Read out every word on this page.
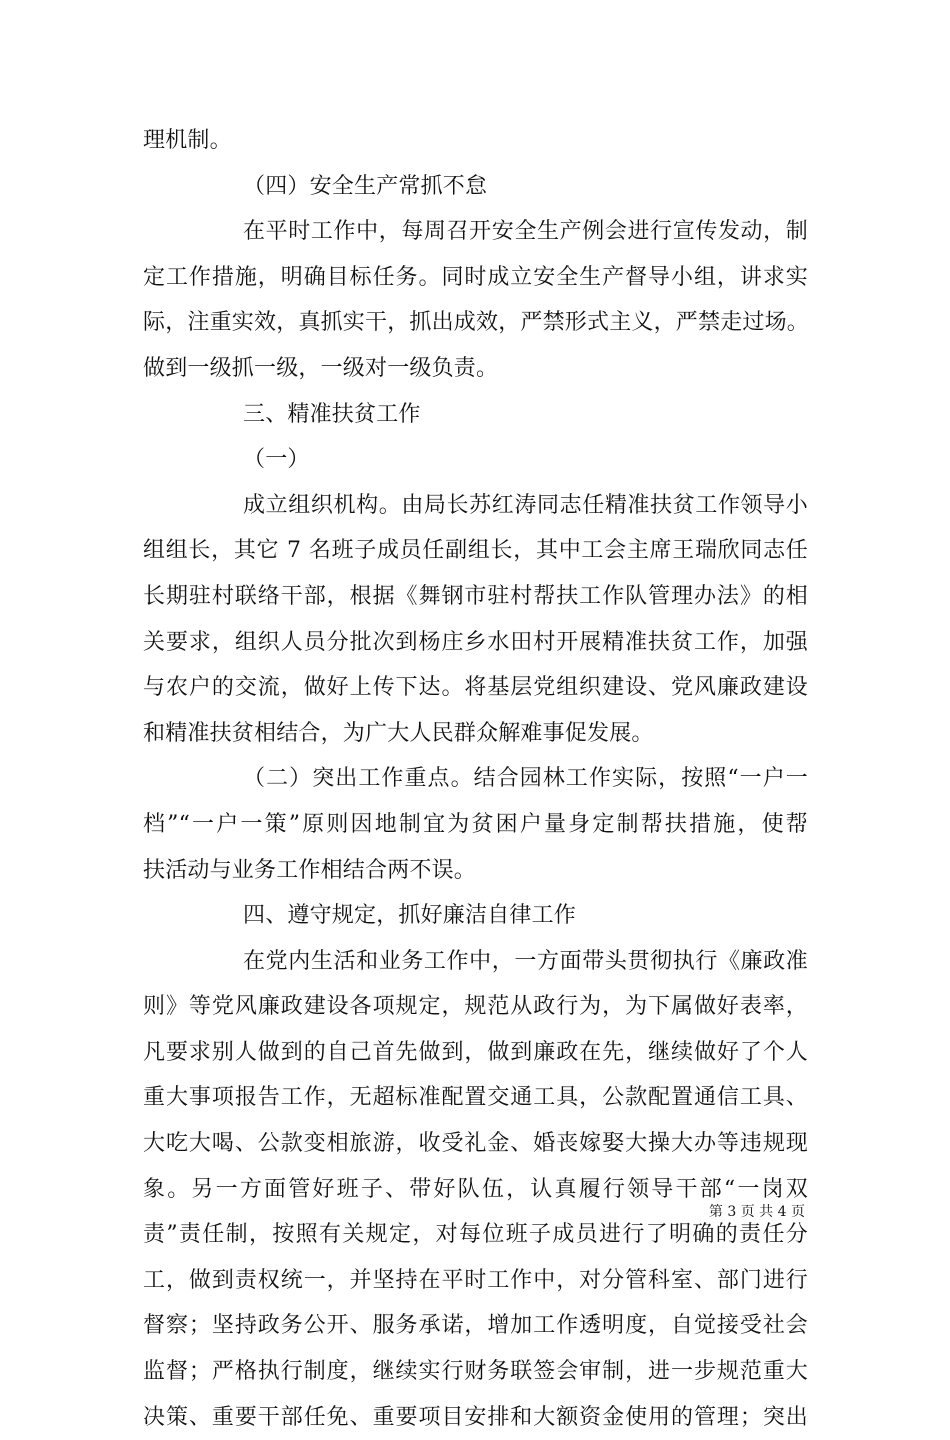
理机制。
（四）安全生产常抓不怠
在平时工作中，每周召开安全生产例会进行宣传发动，制
定工作措施，明确目标任务。同时成立安全生产督导小组，讲求实
际，注重实效，真抓实干，抓出成效，严禁形式主义，严禁走过场。
做到一级抓一级，一级对一级负责。
三、精准扶贫工作
（一）
成立组织机构。由局长苏红涛同志任精准扶贫工作领导小
组组长，其它 7 名班子成员任副组长，其中工会主席王瑞欣同志任
长期驻村联络干部，根据《舞钢市驻村帮扶工作队管理办法》的相
关要求，组织人员分批次到杨庄乡水田村开展精准扶贫工作，加强
与农户的交流，做好上传下达。将基层党组织建设、党风廉政建设
和精准扶贫相结合，为广大人民群众解难事促发展。
（二）突出工作重点。结合园林工作实际，按照“一户一
档”“一户一策”原则因地制宜为贫困户量身定制帮扶措施，使帮
扶活动与业务工作相结合两不误。
四、遵守规定，抓好廉洁自律工作
在党内生活和业务工作中，一方面带头贯彻执行《廉政准
则》等党风廉政建设各项规定，规范从政行为，为下属做好表率，
凡要求别人做到的自己首先做到，做到廉政在先，继续做好了个人
重大事项报告工作，无超标准配置交通工具，公款配置通信工具、
大吃大喝、公款变相旅游，收受礼金、婚丧嫁娶大操大办等违规现
象。另一方面管好班子、带好队伍，认真履行领导干部“一岗双
责”责任制，按照有关规定，对每位班子成员进行了明确的责任分
工，做到责权统一，并坚持在平时工作中，对分管科室、部门进行
督察；坚持政务公开、服务承诺，增加工作透明度，自觉接受社会
监督；严格执行制度，继续实行财务联签会审制，进一步规范重大
决策、重要干部任免、重要项目安排和大额资金使用的管理；突出
第 3 页 共 4 页
